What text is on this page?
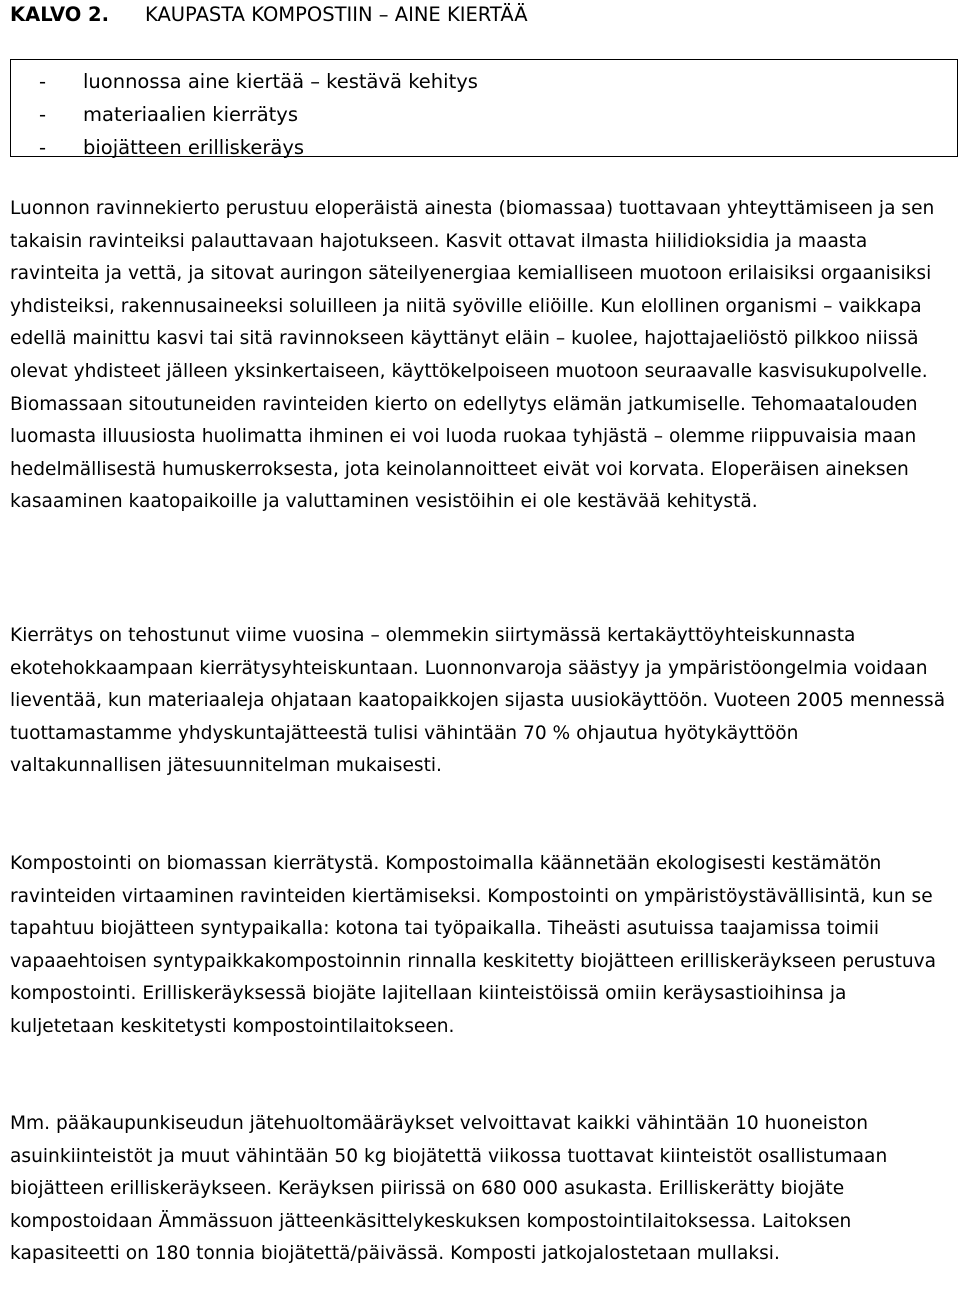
KALVO 2. KAUPASTA KOMPOSTIIN – AINE KIERTÄÄ
- luonnossa aine kiertää – kestävä kehitys
- materiaalien kierrätys
- biojätteen erilliskeräys

Luonnon ravinnekierto perustuu eloperäistä ainesta (biomassaa) tuottavaan yhteyttämiseen ja sen takaisin ravinteiksi palauttavaan hajotukseen. Kasvit ottavat ilmasta hiilidioksidia ja maasta ravinteita ja vettä, ja sitovat auringon säteilyenergiaa kemialliseen muotoon erilaisiksi orgaanisiksi yhdisteiksi, rakennusaineeksi soluilleen ja niitä syöville eliöille. Kun elollinen organismi – vaikkapa edellä mainittu kasvi tai sitä ravinnokseen käyttänyt eläin – kuolee, hajottajaeliöstö pilkkoo niissä olevat yhdisteet jälleen yksinkertaiseen, käyttökelpoiseen muotoon seuraavalle kasvisukupolvelle. Biomassaan sitoutuneiden ravinteiden kierto on edellytys elämän jatkumiselle. Tehomaatalouden luomasta illuusiosta huolimatta ihminen ei voi luoda ruokaa tyhjästä – olemme riippuvaisia maan hedelmällisestä humuskerroksesta, jota keinolannoitteet eivät voi korvata. Eloperäisen aineksen kasaaminen kaatopaikoille ja valuttaminen vesistöihin ei ole kestävää kehitystä.

Kierrätys on tehostunut viime vuosina – olemmekin siirtymässä kertakäyttöyhteiskunnasta ekotehokkaampaan kierrätysyhteiskuntaan. Luonnonvaroja säästyy ja ympäristöongelmia voidaan lieventää, kun materiaaleja ohjataan kaatopaikkojen sijasta uusiokäyttöön. Vuoteen 2005 mennessä tuottamastamme yhdyskuntajätteestä tulisi vähintään 70 % ohjautua hyötykäyttöön valtakunnallisen jätesuunnitelman mukaisesti.

Kompostointi on biomassan kierrätystä. Kompostoimalla käännetään ekologisesti kestämätön ravinteiden virtaaminen ravinteiden kiertämiseksi. Kompostointi on ympäristöystävällisintä, kun se tapahtuu biojätteen syntypaikalla: kotona tai työpaikalla. Tiheästi asutuissa taajamissa toimii vapaaehtoisen syntypaikkakompostoinnin rinnalla keskitetty biojätteen erilliskeräykseen perustuva kompostointi. Erilliskeräyksessä biojäte lajitellaan kiinteistöissä omiin keräysastioihinsa ja kuljetetaan keskitetysti kompostointilaitokseen.

Mm. pääkaupunkiseudun jätehuoltomääräykset velvoittavat kaikki vähintään 10 huoneiston asuinkiinteistöt ja muut vähintään 50 kg biojätettä viikossa tuottavat kiinteistöt osallistumaan biojätteen erilliskeräykseen. Keräyksen piirissä on 680 000 asukasta. Erilliskerätty biojäte kompostoidaan Ämmässuon jätteenkäsittelykeskuksen kompostointilaitoksessa. Laitoksen kapasiteetti on 180 tonnia biojätettä/päivässä. Komposti jatkojalostetaan mullaksi.
